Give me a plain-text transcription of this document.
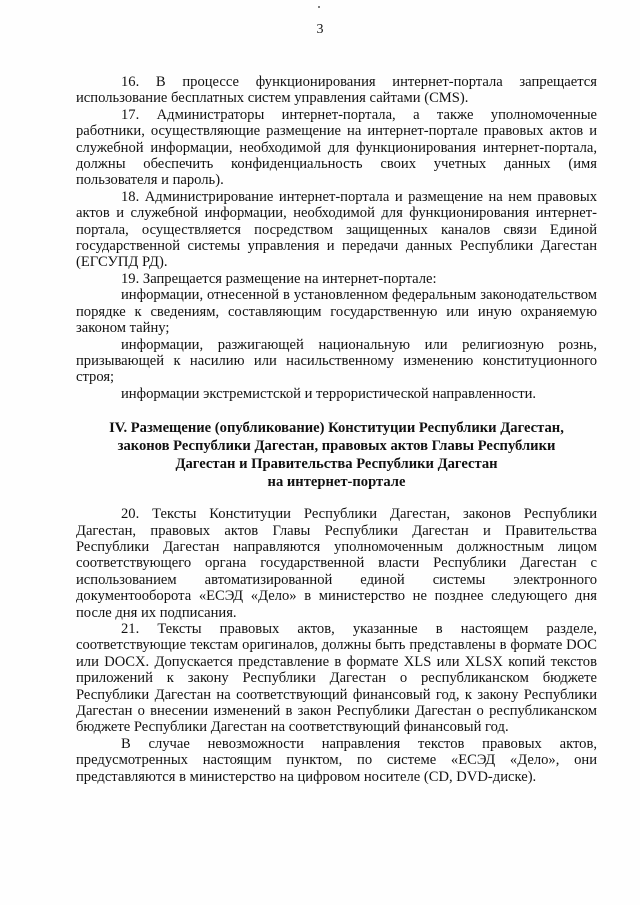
3

16. В процессе функционирования интернет-портала запрещается использование бесплатных систем управления сайтами (CMS).

17. Администраторы интернет-портала, а также уполномоченные работники, осуществляющие размещение на интернет-портале правовых актов и служебной информации, необходимой для функционирования интернет-портала, должны обеспечить конфиденциальность своих учетных данных (имя пользователя и пароль).

18. Администрирование интернет-портала и размещение на нем правовых актов и служебной информации, необходимой для функционирования интернет-портала, осуществляется посредством защищенных каналов связи Единой государственной системы управления и передачи данных Республики Дагестан (ЕГСУПД РД).

19. Запрещается размещение на интернет-портале:

информации, отнесенной в установленном федеральным законодательством порядке к сведениям, составляющим государственную или иную охраняемую законом тайну;

информации, разжигающей национальную или религиозную рознь, призывающей к насилию или насильственному изменению конституционного строя;

информации экстремистской и террористической направленности.

IV. Размещение (опубликование) Конституции Республики Дагестан,
законов Республики Дагестан, правовых актов Главы Республики
Дагестан и Правительства Республики Дагестан
на интернет-портале

20. Тексты Конституции Республики Дагестан, законов Республики Дагестан, правовых актов Главы Республики Дагестан и Правительства Республики Дагестан направляются уполномоченным должностным лицом соответствующего органа государственной власти Республики Дагестан с использованием автоматизированной единой системы электронного документооборота «ЕСЭД «Дело» в министерство не позднее следующего дня после дня их подписания.

21. Тексты правовых актов, указанные в настоящем разделе, соответствующие текстам оригиналов, должны быть представлены в формате DOC или DOCX. Допускается представление в формате XLS или XLSX копий текстов приложений к закону Республики Дагестан о республиканском бюджете Республики Дагестан на соответствующий финансовый год, к закону Республики Дагестан о внесении изменений в закон Республики Дагестан о республиканском бюджете Республики Дагестан на соответствующий финансовый год.

В случае невозможности направления текстов правовых актов, предусмотренных настоящим пунктом, по системе «ЕСЭД «Дело», они представляются в министерство на цифровом носителе (CD, DVD-диске).
